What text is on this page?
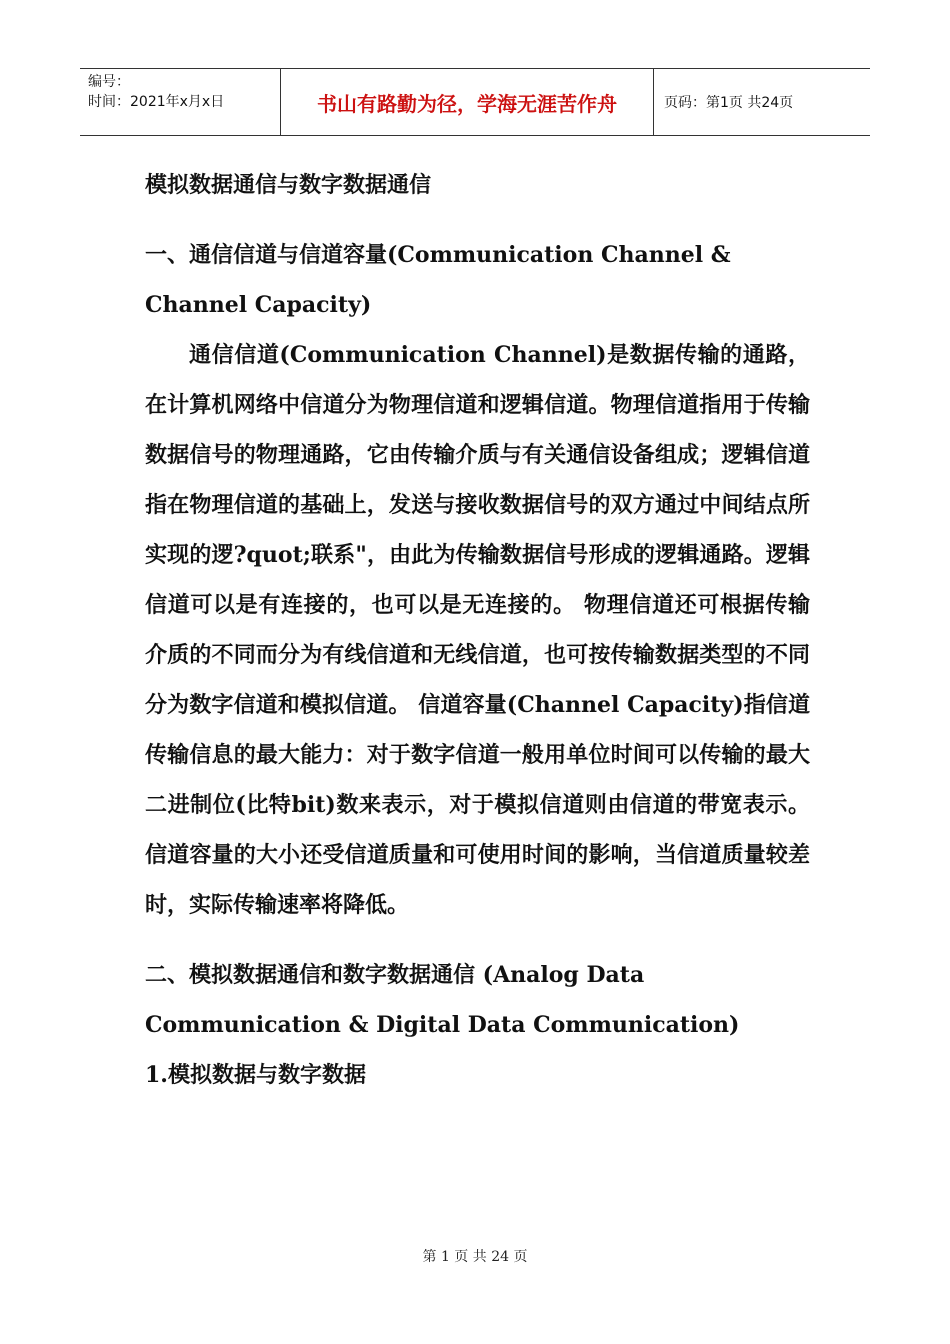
编号：
时间：2021年x月x日	书山有路勤为径，学海无涯苦作舟	页码：第1页 共24页

模拟数据通信与数字数据通信

一、通信信道与信道容量(Communication Channel & Channel Capacity)

通信信道(Communication Channel)是数据传输的通路，在计算机网络中信道分为物理信道和逻辑信道。物理信道指用于传输数据信号的物理通路，它由传输介质与有关通信设备组成；逻辑信道指在物理信道的基础上，发送与接收数据信号的双方通过中间结点所实现的逻?quot;联系"，由此为传输数据信号形成的逻辑通路。逻辑信道可以是有连接的，也可以是无连接的。 物理信道还可根据传输介质的不同而分为有线信道和无线信道，也可按传输数据类型的不同分为数字信道和模拟信道。 信道容量(Channel Capacity)指信道传输信息的最大能力：对于数字信道一般用单位时间可以传输的最大二进制位(比特bit)数来表示，对于模拟信道则由信道的带宽表示。信道容量的大小还受信道质量和可使用时间的影响，当信道质量较差时，实际传输速率将降低。

二、模拟数据通信和数字数据通信 (Analog Data Communication & Digital Data Communication)

1.模拟数据与数字数据

第 1 页 共 24 页
